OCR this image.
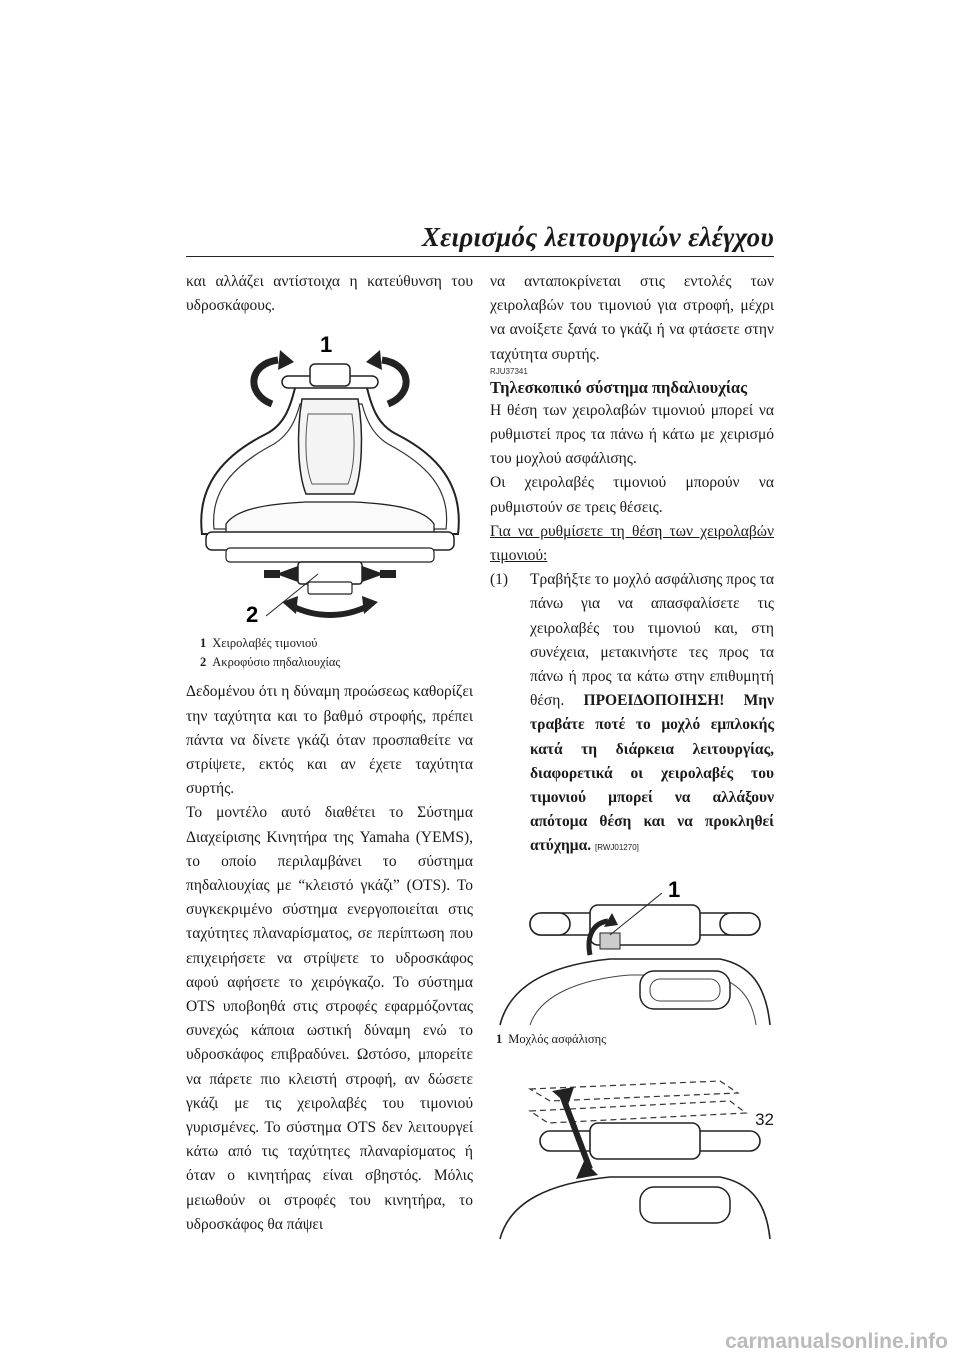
Χειρισμός λειτουργιών ελέγχου

και αλλάζει αντίστοιχα η κατεύθυνση του υδροσκάφους.

1
2
1 Χειρολαβές τιμονιού
2 Ακροφύσιο πηδαλιουχίας

Δεδομένου ότι η δύναμη προώσεως καθορίζει την ταχύτητα και το βαθμό στροφής, πρέπει πάντα να δίνετε γκάζι όταν προσπαθείτε να στρίψετε, εκτός και αν έχετε ταχύτητα συρτής.

Το μοντέλο αυτό διαθέτει το Σύστημα Διαχείρισης Κινητήρα της Yamaha (YEMS), το οποίο περιλαμβάνει το σύστημα πηδαλιουχίας με “κλειστό γκάζι” (OTS). Το συγκεκριμένο σύστημα ενεργοποιείται στις ταχύτητες πλαναρίσματος, σε περίπτωση που επιχειρήσετε να στρίψετε το υδροσκάφος αφού αφήσετε το χειρόγκαζο. Το σύστημα OTS υποβοηθά στις στροφές εφαρμόζοντας συνεχώς κάποια ωστική δύναμη ενώ το υδροσκάφος επιβραδύνει. Ωστόσο, μπορείτε να πάρετε πιο κλειστή στροφή, αν δώσετε γκάζι με τις χειρολαβές του τιμονιού γυρισμένες. Το σύστημα OTS δεν λειτουργεί κάτω από τις ταχύτητες πλαναρίσματος ή όταν ο κινητήρας είναι σβηστός. Μόλις μειωθούν οι στροφές του κινητήρα, το υδροσκάφος θα πάψει

να ανταποκρίνεται στις εντολές των χειρολαβών του τιμονιού για στροφή, μέχρι να ανοίξετε ξανά το γκάζι ή να φτάσετε στην ταχύτητα συρτής.

RJU37341
Τηλεσκοπικό σύστημα πηδαλιουχίας

Η θέση των χειρολαβών τιμονιού μπορεί να ρυθμιστεί προς τα πάνω ή κάτω με χειρισμό του μοχλού ασφάλισης.

Οι χειρολαβές τιμονιού μπορούν να ρυθμιστούν σε τρεις θέσεις.

Για να ρυθμίσετε τη θέση των χειρολαβών τιμονιού:

(1)	Τραβήξτε το μοχλό ασφάλισης προς τα πάνω για να απασφαλίσετε τις χειρολαβές του τιμονιού και, στη συνέχεια, μετακινήστε τες προς τα πάνω ή προς τα κάτω στην επιθυμητή θέση. ΠΡΟΕΙΔΟΠΟΙΗΣΗ! Μην τραβάτε ποτέ το μοχλό εμπλοκής κατά τη διάρκεια λειτουργίας, διαφορετικά οι χειρολαβές του τιμονιού μπορεί να αλλάξουν απότομα θέση και να προκληθεί ατύχημα. [RWJ01270]
1
1 Μοχλός ασφάλισης
32
carmanualsonline.info
